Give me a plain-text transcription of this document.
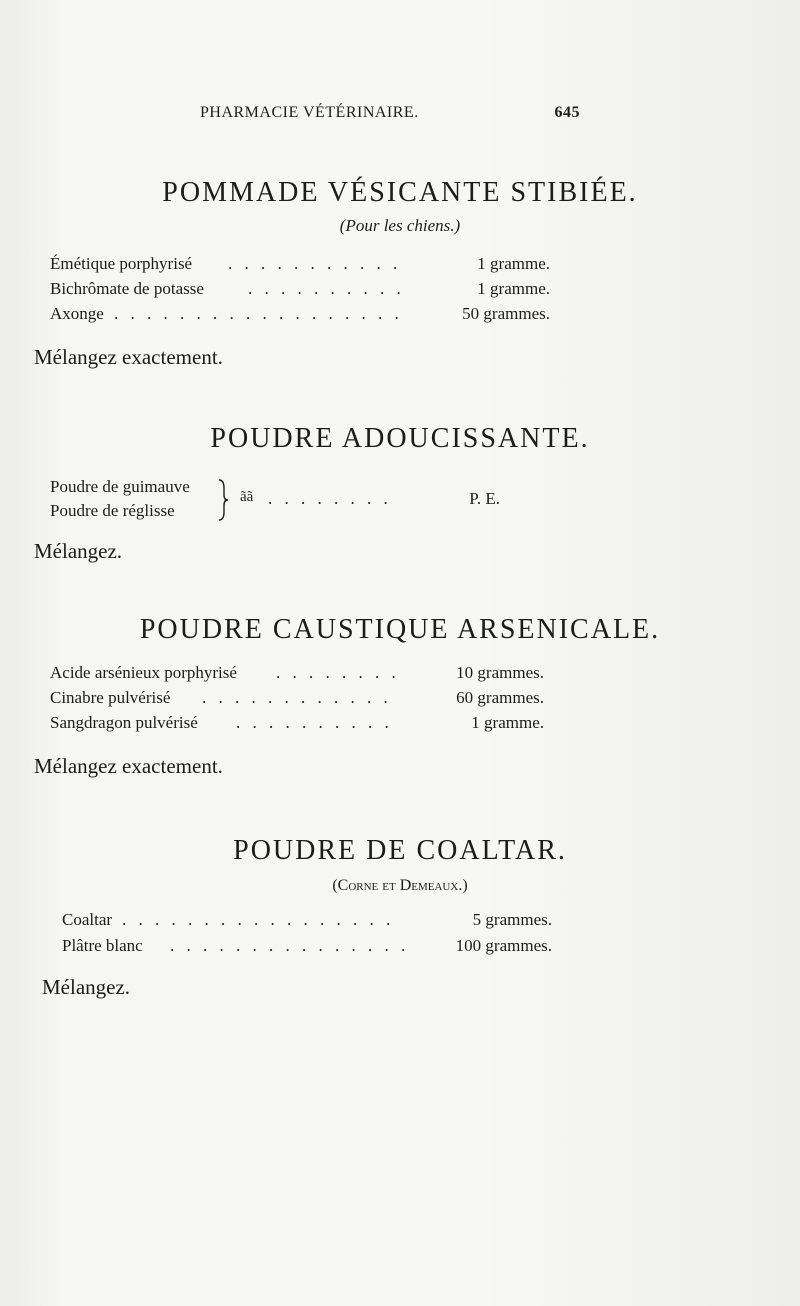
PHARMACIE VÉTÉRINAIRE.	645
POMMADE VÉSICANTE STIBIÉE.
(Pour les chiens.)
Émétique porphyrisé . . . . . . . . . . .	1 gramme.
Bichrômate de potasse	. . . . . . . . . .	1 gramme.
Axonge . . . . . . . . . . . . . . . . . .	50 grammes.
Mélangez exactement.
POUDRE ADOUCISSANTE.
Poudre de guimauve
Poudre de réglisse
ãã . . . . . . . .	P. E.
Mélangez.
POUDRE CAUSTIQUE ARSENICALE.
Acide arsénieux porphyrisé . . . . . . . .	10 grammes.
Cinabre pulvérisé . . . . . . . . . . . .	60 grammes.
Sangdragon pulvérisé . . . . . . . . . .	1 gramme.
Mélangez exactement.
POUDRE DE COALTAR.
(Corne et Demeaux.)
Coaltar . . . . . . . . . . . . . . . . .	5 grammes.
Plâtre blanc . . . . . . . . . . . . . . .	100 grammes.
Mélangez.
